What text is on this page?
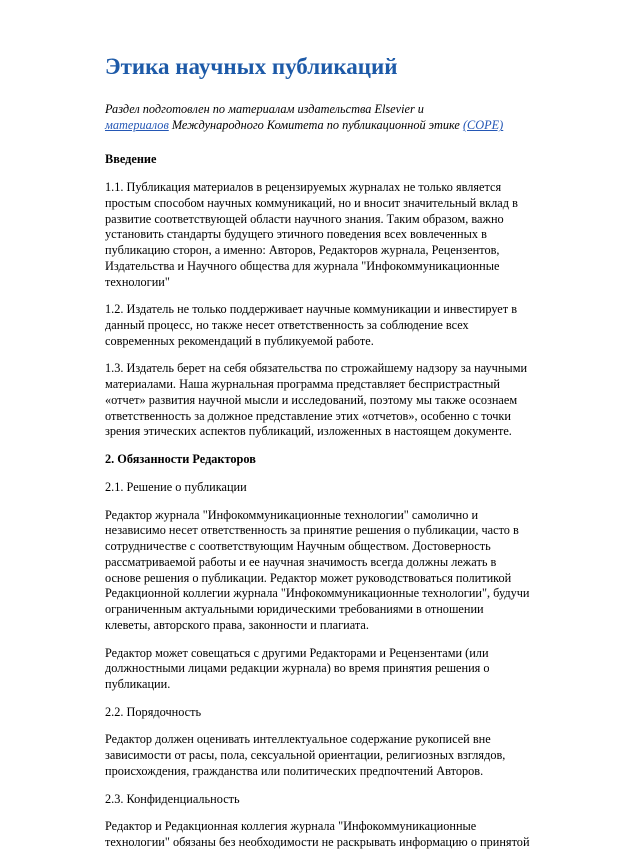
Этика научных публикаций

Раздел подготовлен по материалам издательства Elsevier и
материалов Международного Комитета по публикационной этике (COPE)

Введение

1.1. Публикация материалов в рецензируемых журналах не только является простым способом научных коммуникаций, но и вносит значительный вклад в развитие соответствующей области научного знания. Таким образом, важно установить стандарты будущего этичного поведения всех вовлеченных в публикацию сторон, а именно: Авторов, Редакторов журнала, Рецензентов, Издательства и Научного общества для журнала "Инфокоммуникационные технологии"

1.2. Издатель не только поддерживает научные коммуникации и инвестирует в данный процесс, но также несет ответственность за соблюдение всех современных рекомендаций в публикуемой работе.

1.3. Издатель берет на себя обязательства по строжайшему надзору за научными материалами. Наша журнальная программа представляет беспристрастный «отчет» развития научной мысли и исследований, поэтому мы также осознаем ответственность за должное представление этих «отчетов», особенно с точки зрения этических аспектов публикаций, изложенных в настоящем документе.

2. Обязанности Редакторов

2.1. Решение о публикации

Редактор журнала "Инфокоммуникационные технологии" самолично и независимо несет ответственность за принятие решения о публикации, часто в сотрудничестве с соответствующим Научным обществом. Достоверность рассматриваемой работы и ее научная значимость всегда должны лежать в основе решения о публикации. Редактор может руководствоваться политикой Редакционной коллегии журнала "Инфокоммуникационные технологии", будучи ограниченным актуальными юридическими требованиями в отношении клеветы, авторского права, законности и плагиата.

Редактор может совещаться с другими Редакторами и Рецензентами (или должностными лицами редакции журнала) во время принятия решения о публикации.

2.2. Порядочность

Редактор должен оценивать интеллектуальное содержание рукописей вне зависимости от расы, пола, сексуальной ориентации, религиозных взглядов, происхождения, гражданства или политических предпочтений Авторов.

2.3. Конфиденциальность

Редактор и Редакционная коллегия журнала "Инфокоммуникационные технологии" обязаны без необходимости не раскрывать информацию о принятой
